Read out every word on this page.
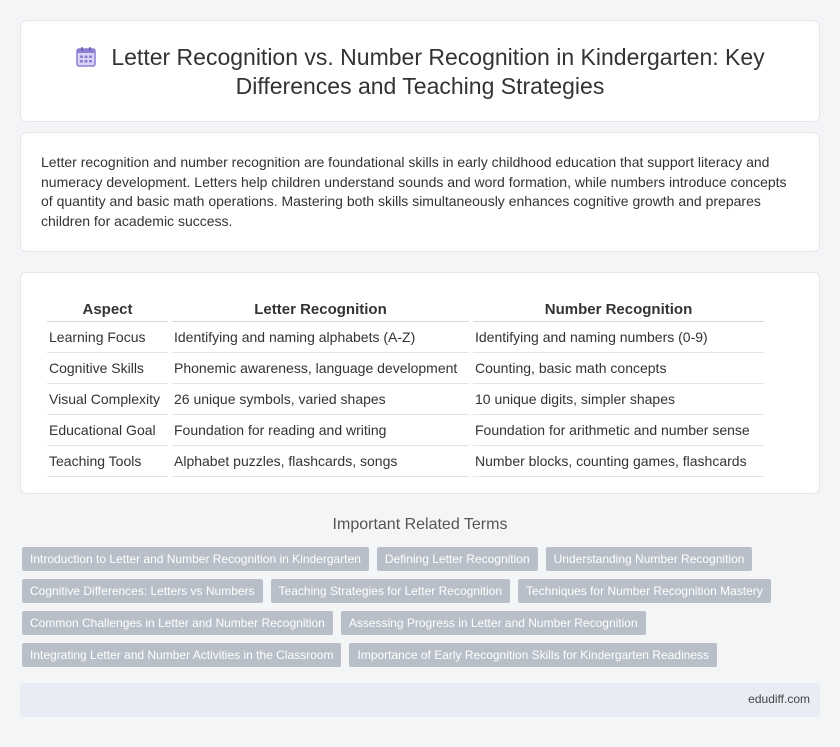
Letter Recognition vs. Number Recognition in Kindergarten: Key Differences and Teaching Strategies

Letter recognition and number recognition are foundational skills in early childhood education that support literacy and numeracy development. Letters help children understand sounds and word formation, while numbers introduce concepts of quantity and basic math operations. Mastering both skills simultaneously enhances cognitive growth and prepares children for academic success.

Aspect	Letter Recognition	Number Recognition
Learning Focus	Identifying and naming alphabets (A-Z)	Identifying and naming numbers (0-9)
Cognitive Skills	Phonemic awareness, language development	Counting, basic math concepts
Visual Complexity	26 unique symbols, varied shapes	10 unique digits, simpler shapes
Educational Goal	Foundation for reading and writing	Foundation for arithmetic and number sense
Teaching Tools	Alphabet puzzles, flashcards, songs	Number blocks, counting games, flashcards
Important Related Terms
Introduction to Letter and Number Recognition in Kindergarten	Defining Letter Recognition	Understanding Number Recognition
Cognitive Differences: Letters vs Numbers	Teaching Strategies for Letter Recognition	Techniques for Number Recognition Mastery
Common Challenges in Letter and Number Recognition	Assessing Progress in Letter and Number Recognition
Integrating Letter and Number Activities in the Classroom	Importance of Early Recognition Skills for Kindergarten Readiness
edudiff.com
